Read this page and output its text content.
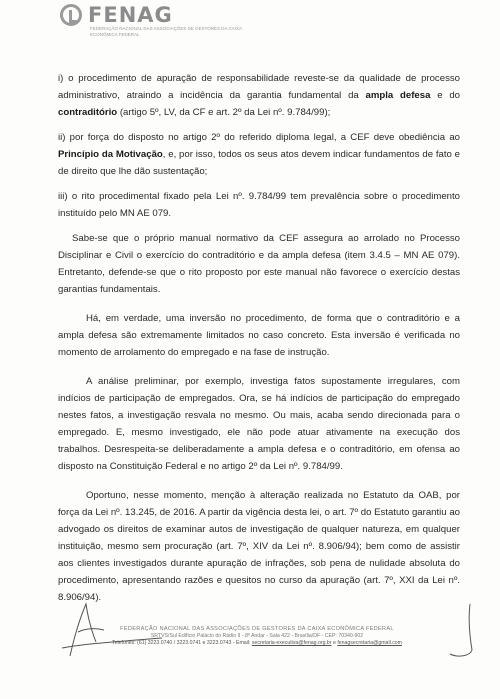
FENAG
FEDERAÇÃO NACIONAL DAS ASSOCIAÇÕES DE GESTORES DA CAIXA ECONÔMICA FEDERAL

i) o procedimento de apuração de responsabilidade reveste-se da qualidade de processo administrativo, atraindo a incidência da garantia fundamental da ampla defesa e do contraditório (artigo 5º, LV, da CF e art. 2º da Lei nº. 9.784/99);

ii) por força do disposto no artigo 2º do referido diploma legal, a CEF deve obediência ao Princípio da Motivação, e, por isso, todos os seus atos devem indicar fundamentos de fato e de direito que lhe dão sustentação;

iii) o rito procedimental fixado pela Lei nº. 9.784/99 tem prevalência sobre o procedimento instituído pelo MN AE 079.

Sabe-se que o próprio manual normativo da CEF assegura ao arrolado no Processo Disciplinar e Civil o exercício do contraditório e da ampla defesa (item 3.4.5 – MN AE 079). Entretanto, defende-se que o rito proposto por este manual não favorece o exercício destas garantias fundamentais.

Há, em verdade, uma inversão no procedimento, de forma que o contraditório e a ampla defesa são extremamente limitados no caso concreto. Esta inversão é verificada no momento de arrolamento do empregado e na fase de instrução.

A análise preliminar, por exemplo, investiga fatos supostamente irregulares, com indícios de participação de empregados. Ora, se há indícios de participação do empregado nestes fatos, a investigação resvala no mesmo. Ou mais, acaba sendo direcionada para o empregado. E, mesmo investigado, ele não pode atuar ativamente na execução dos trabalhos. Desrespeita-se deliberadamente a ampla defesa e o contraditório, em ofensa ao disposto na Constituição Federal e no artigo 2º da Lei nº. 9.784/99.

Oportuno, nesse momento, menção à alteração realizada no Estatuto da OAB, por força da Lei nº. 13.245, de 2016. A partir da vigência desta lei, o art. 7º do Estatuto garantiu ao advogado os direitos de examinar autos de investigação de qualquer natureza, em qualquer instituição, mesmo sem procuração (art. 7º, XIV da Lei nº. 8.906/94); bem como de assistir aos clientes investigados durante apuração de infrações, sob pena de nulidade absoluta do procedimento, apresentando razões e quesitos no curso da apuração (art. 7º, XXI da Lei nº. 8.906/94).

FEDERAÇÃO NACIONAL DAS ASSOCIAÇÕES DE GESTORES DA CAIXA ECONÔMICA FEDERAL
SRTVS/Sul Edifício Palácio do Rádio II - 8º Andar - Sala 422 - Brasília/DF - CEP: 70340-902
Telefones: (61) 3223.0740 / 3223.0741 e 3223.0743 - Email: secretaria-executiva@fenag.org.br e fenagsecretaria@gmail.com
